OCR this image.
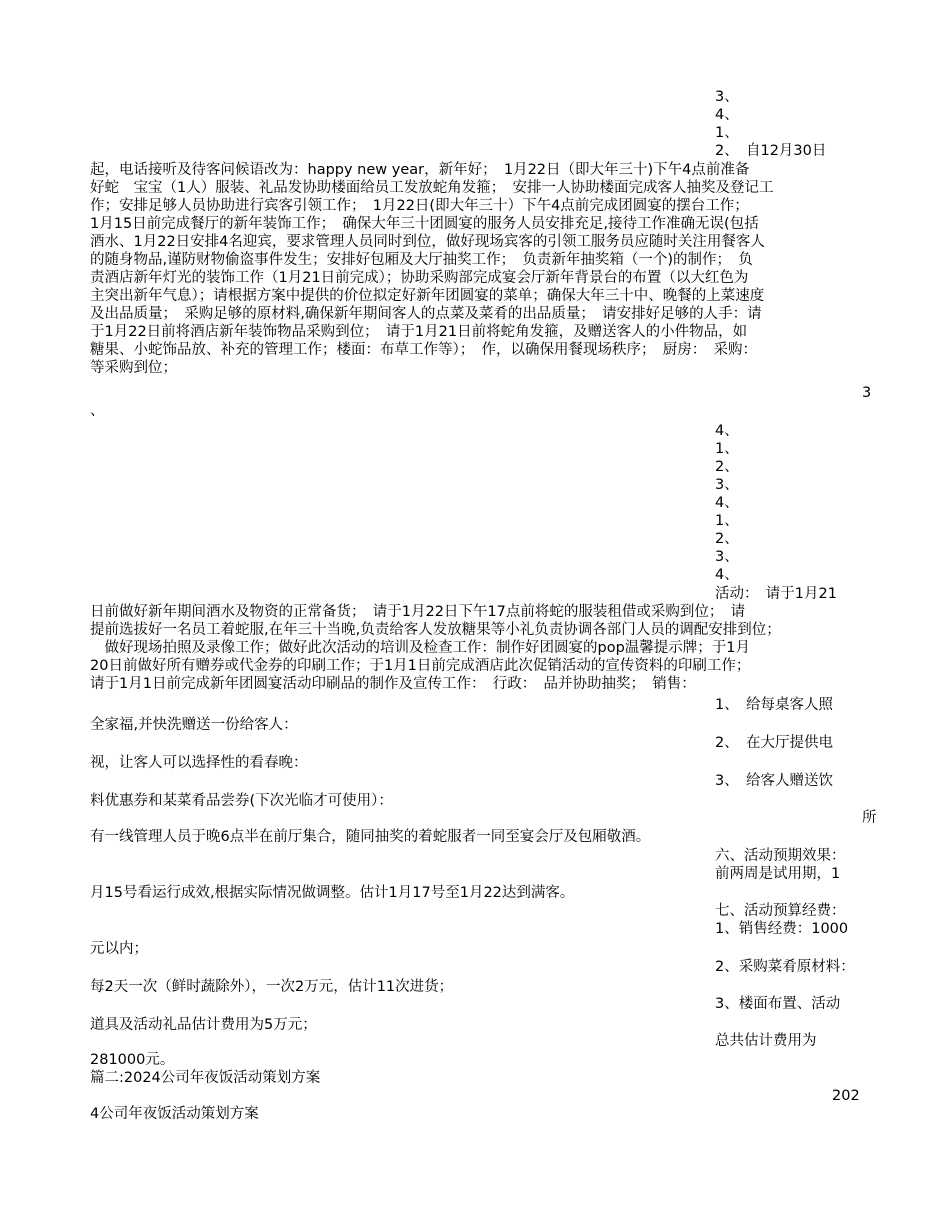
3、
4、
1、
2、　自12月30日
起，电话接听及待客问候语改为：happy new year，新年好；　1月22日（即大年三十)下午4点前准备
好蛇　宝宝（1人）服装、礼品发协助楼面给员工发放蛇角发箍；　安排一人协助楼面完成客人抽奖及登记工
作；安排足够人员协助进行宾客引领工作；　1月22日(即大年三十）下午4点前完成团圆宴的摆台工作；
1月15日前完成餐厅的新年装饰工作；　确保大年三十团圆宴的服务人员安排充足,接待工作准确无误(包括
酒水、1月22日安排4名迎宾，要求管理人员同时到位，做好现场宾客的引领工服务员应随时关注用餐客人
的随身物品,谨防财物偷盗事件发生；安排好包厢及大厅抽奖工作；　负责新年抽奖箱（一个)的制作；　负
责酒店新年灯光的装饰工作（1月21日前完成）；协助采购部完成宴会厅新年背景台的布置（以大红色为
主突出新年气息）；请根据方案中提供的价位拟定好新年团圆宴的菜单；确保大年三十中、晚餐的上菜速度
及出品质量；　采购足够的原材料,确保新年期间客人的点菜及菜肴的出品质量；　请安排好足够的人手：请
于1月22日前将酒店新年装饰物品采购到位；　请于1月21日前将蛇角发箍，及赠送客人的小件物品，如
糖果、小蛇饰品放、补充的管理工作；楼面：布草工作等）；　作，以确保用餐现场秩序；　厨房：　采购：
等采购到位；
3
、
4、
1、
2、
3、
4、
1、
2、
3、
4、
活动：　请于1月21
日前做好新年期间酒水及物资的正常备货；　请于1月22日下午17点前将蛇的服装租借或采购到位；　请
提前选拔好一名员工着蛇服,在年三十当晚,负责给客人发放糖果等小礼负责协调各部门人员的调配安排到位；
　做好现场拍照及录像工作；做好此次活动的培训及检查工作：制作好团圆宴的pop温馨提示牌；于1月
20日前做好所有赠券或代金券的印刷工作；于1月1日前完成酒店此次促销活动的宣传资料的印刷工作；
请于1月1日前完成新年团圆宴活动印刷品的制作及宣传工作：　行政：　品并协助抽奖；　销售：
1、　给每桌客人照
全家福,并快洗赠送一份给客人：
2、　在大厅提供电
视，让客人可以选择性的看春晚：
3、　给客人赠送饮
料优惠券和某菜肴品尝券(下次光临才可使用）：
所
有一线管理人员于晚6点半在前厅集合，随同抽奖的着蛇服者一同至宴会厅及包厢敬酒。
六、活动预期效果：
前两周是试用期，1
月15号看运行成效,根据实际情况做调整。估计1月17号至1月22达到满客。
七、活动预算经费：
1、销售经费：1000
元以内；
2、采购菜肴原材料：
每2天一次（鲜时蔬除外），一次2万元，估计11次进货；
3、楼面布置、活动
道具及活动礼品估计费用为5万元；
总共估计费用为
281000元。
篇二:2024公司年夜饭活动策划方案
202
4公司年夜饭活动策划方案
